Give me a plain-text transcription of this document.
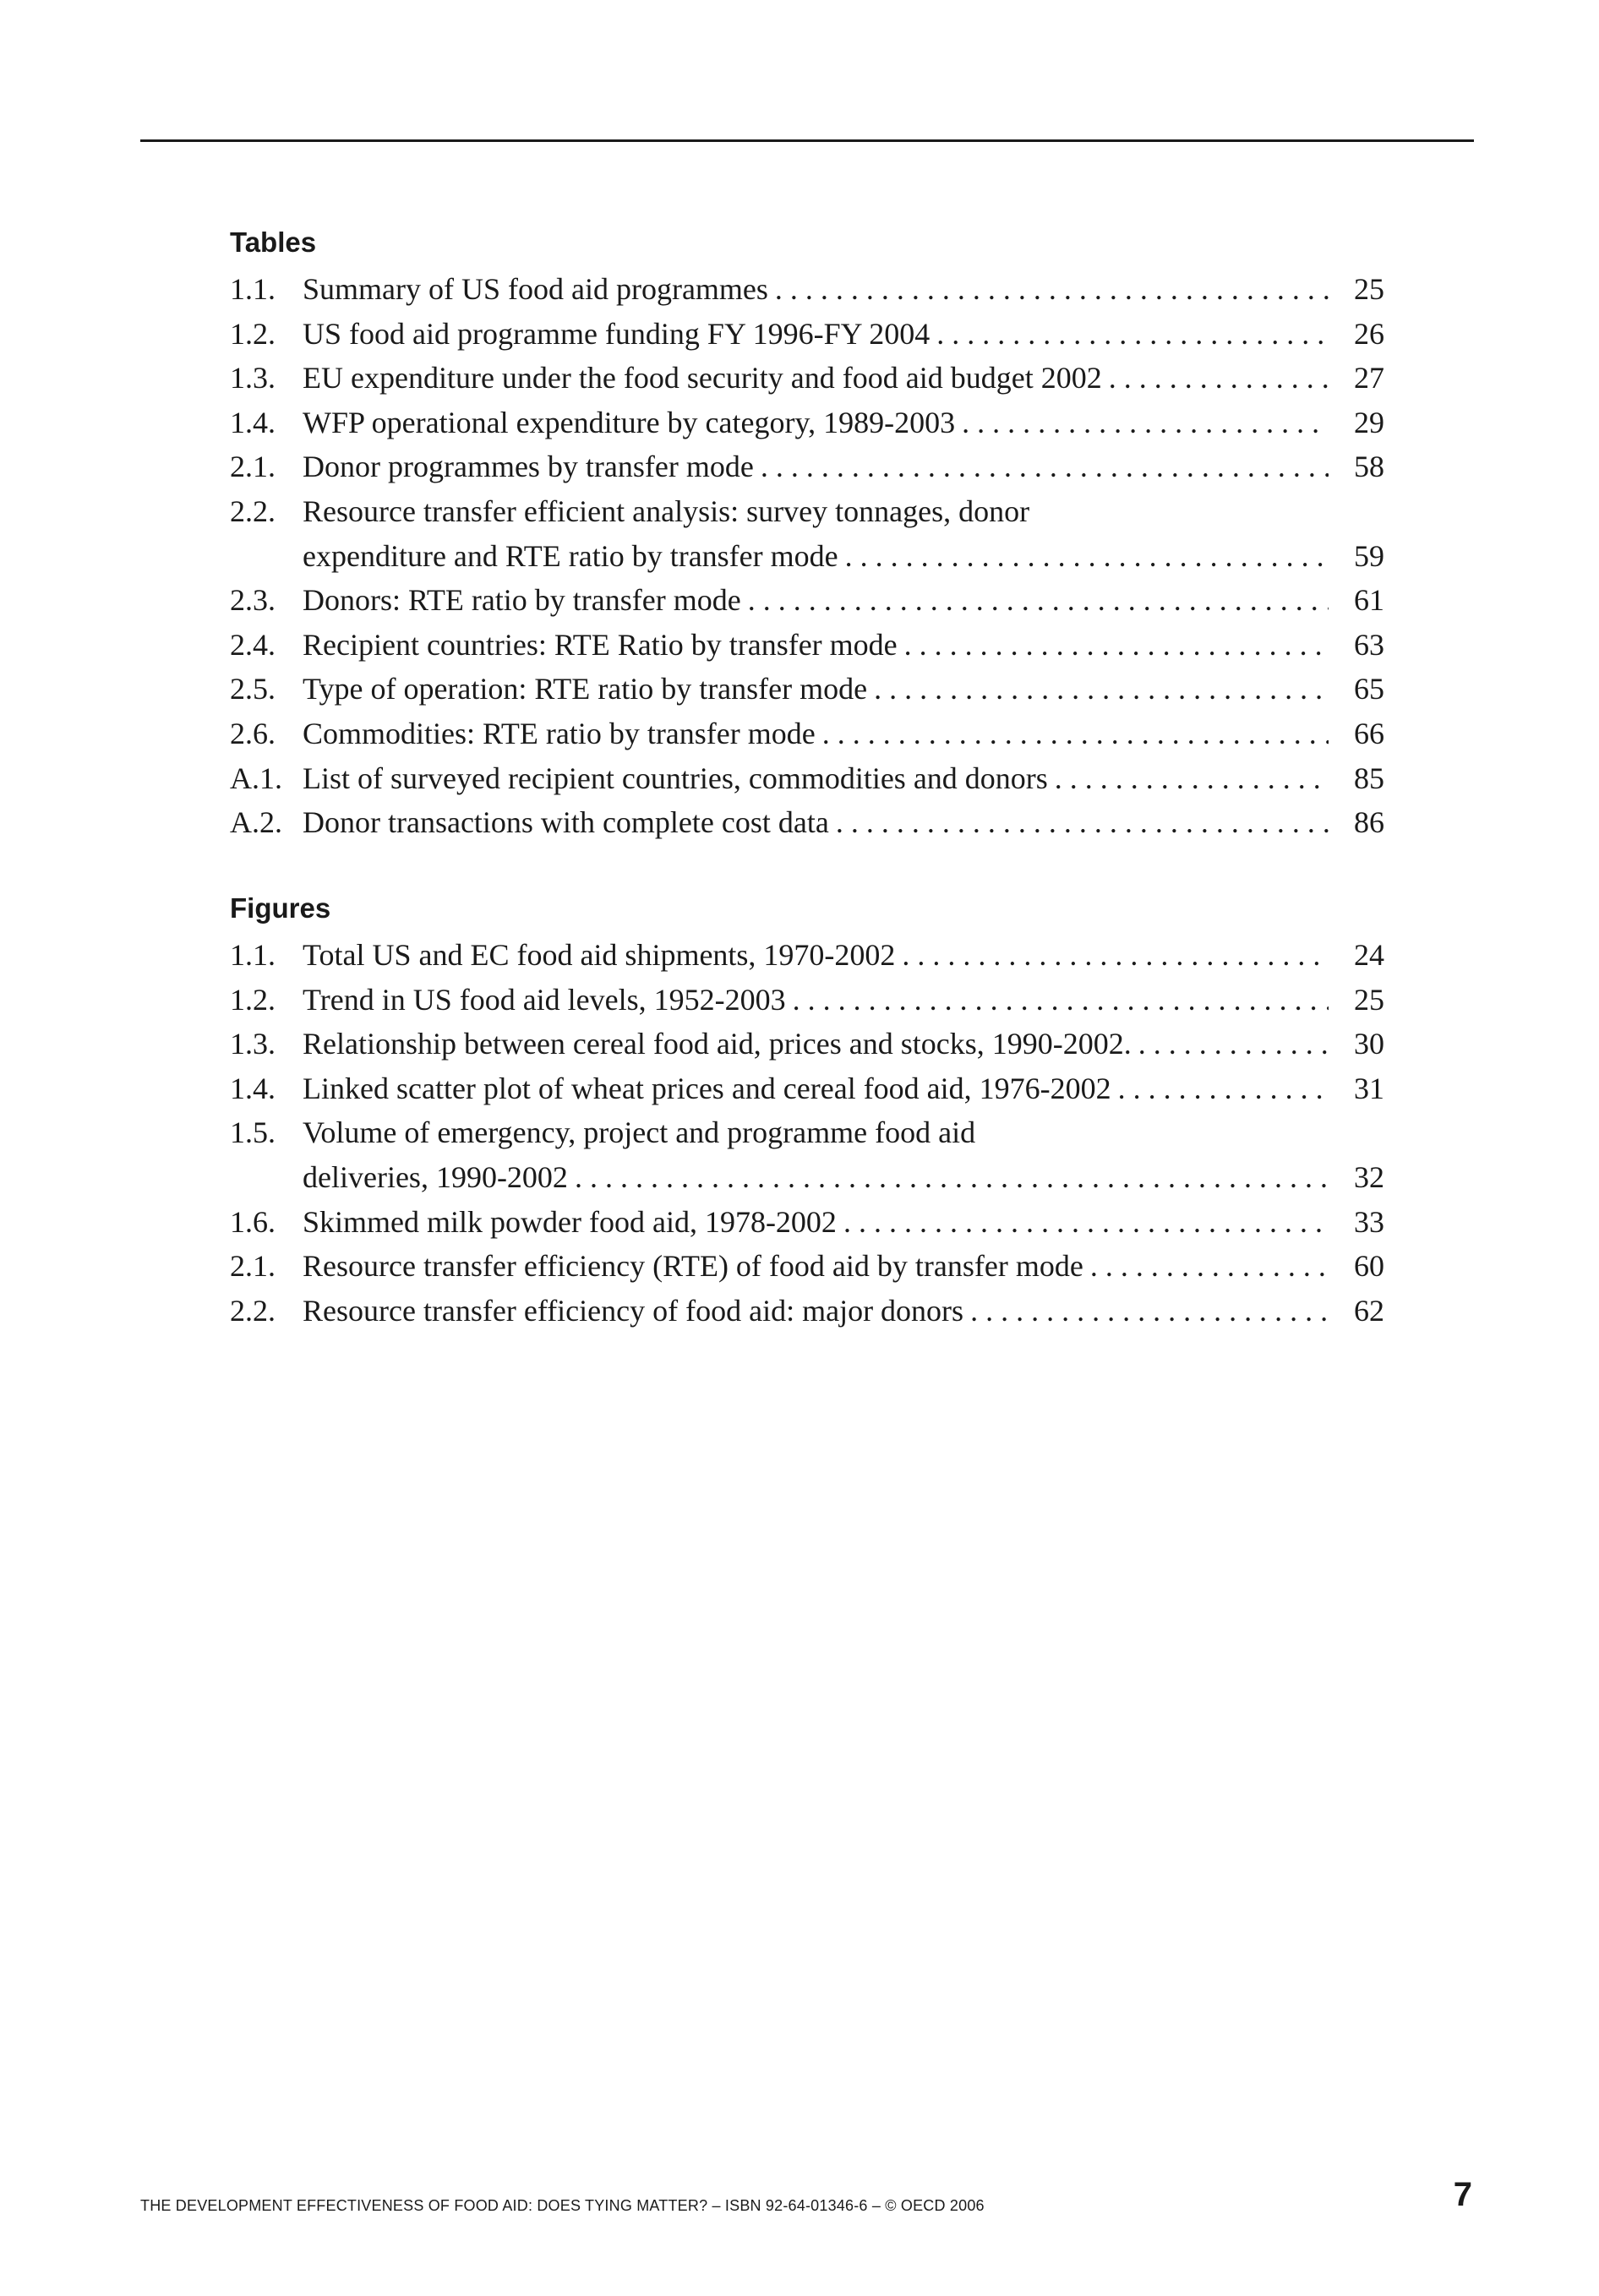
Tables
1.1. Summary of US food aid programmes . . .	25
1.2. US food aid programme funding FY 1996-FY 2004 . . .	26
1.3. EU expenditure under the food security and food aid budget 2002 . . .	27
1.4. WFP operational expenditure by category, 1989-2003 . . .	29
2.1. Donor programmes by transfer mode . . .	58
2.2. Resource transfer efficient analysis: survey tonnages, donor
expenditure and RTE ratio by transfer mode . . .	59
2.3. Donors: RTE ratio by transfer mode . . .	61
2.4. Recipient countries: RTE Ratio by transfer mode . . .	63
2.5. Type of operation: RTE ratio by transfer mode . . .	65
2.6. Commodities: RTE ratio by transfer mode . . .	66
A.1. List of surveyed recipient countries, commodities and donors . . .	85
A.2. Donor transactions with complete cost data . . .	86
Figures
1.1. Total US and EC food aid shipments, 1970-2002 . . .	24
1.2. Trend in US food aid levels, 1952-2003 . . .	25
1.3. Relationship between cereal food aid, prices and stocks, 1990-2002. . . .	30
1.4. Linked scatter plot of wheat prices and cereal food aid, 1976-2002 . . .	31
1.5. Volume of emergency, project and programme food aid
deliveries, 1990-2002 . . .	32
1.6. Skimmed milk powder food aid, 1978-2002 . . .	33
2.1. Resource transfer efficiency (RTE) of food aid by transfer mode . . .	60
2.2. Resource transfer efficiency of food aid: major donors . . .	62
THE DEVELOPMENT EFFECTIVENESS OF FOOD AID: DOES TYING MATTER? – ISBN 92-64-01346-6 – © OECD 2006	7
